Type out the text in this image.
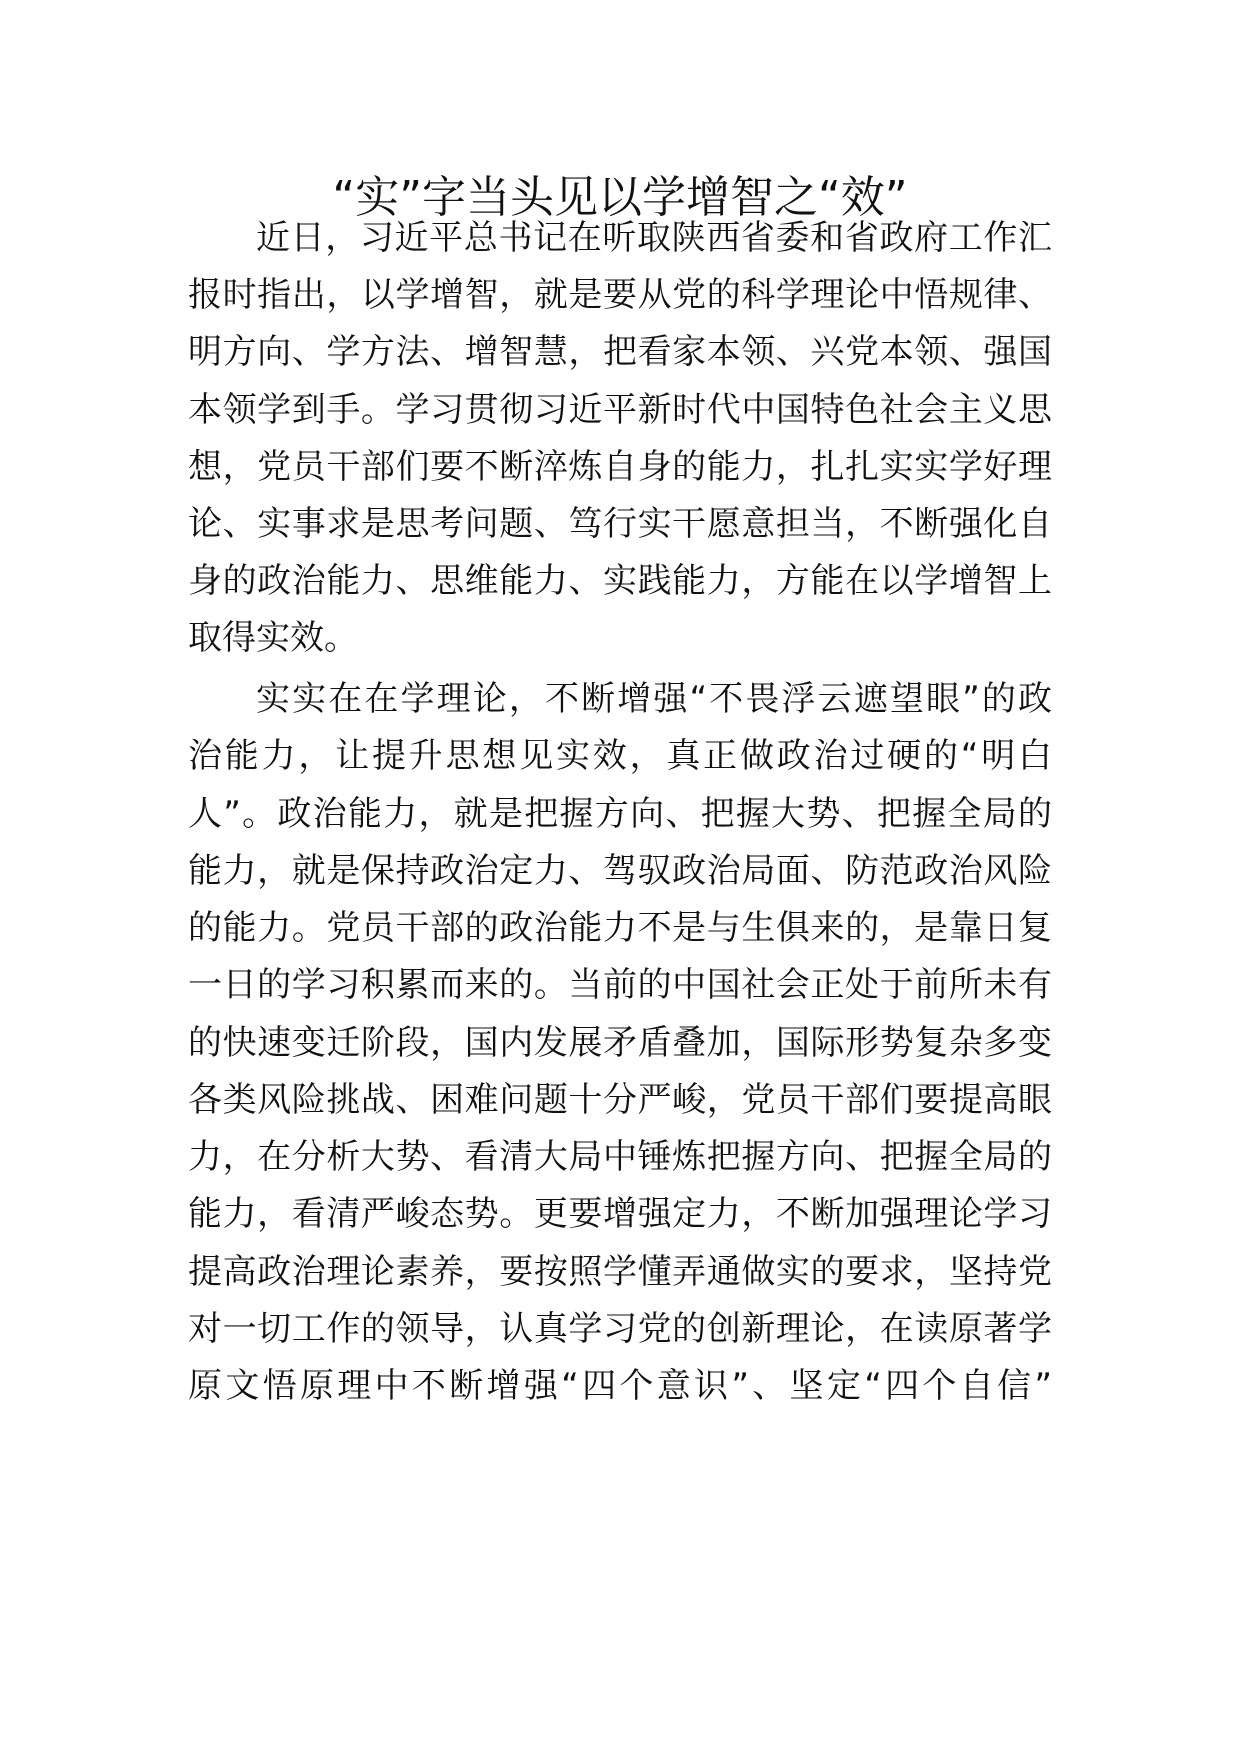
“实”字当头见以学增智之“效”

近日，习近平总书记在听取陕西省委和省政府工作汇

报时指出，以学增智，就是要从党的科学理论中悟规律、

明方向、学方法、增智慧，把看家本领、兴党本领、强国

本领学到手。学习贯彻习近平新时代中国特色社会主义思

想，党员干部们要不断淬炼自身的能力，扎扎实实学好理

论、实事求是思考问题、笃行实干愿意担当，不断强化自

身的政治能力、思维能力、实践能力，方能在以学增智上

取得实效。

实实在在学理论，不断增强“不畏浮云遮望眼”的政

治能力，让提升思想见实效，真正做政治过硬的“明白

人”。政治能力，就是把握方向、把握大势、把握全局的

能力，就是保持政治定力、驾驭政治局面、防范政治风险

的能力。党员干部的政治能力不是与生俱来的，是靠日复

一日的学习积累而来的。当前的中国社会正处于前所未有

的快速变迁阶段，国内发展矛盾叠加，国际形势复杂多变

各类风险挑战、困难问题十分严峻，党员干部们要提高眼

力，在分析大势、看清大局中锤炼把握方向、把握全局的

能力，看清严峻态势。更要增强定力，不断加强理论学习

提高政治理论素养，要按照学懂弄通做实的要求，坚持党

对一切工作的领导，认真学习党的创新理论，在读原著学

原文悟原理中不断增强“四个意识”、坚定“四个自信”
